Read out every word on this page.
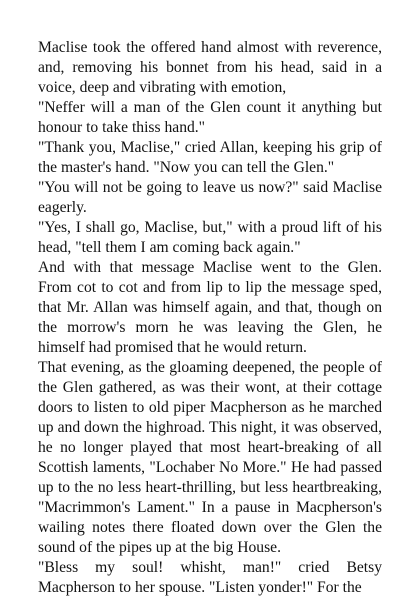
Maclise took the offered hand almost with reverence, and, removing his bonnet from his head, said in a voice, deep and vibrating with emotion,

"Neffer will a man of the Glen count it anything but honour to take thiss hand."

"Thank you, Maclise," cried Allan, keeping his grip of the master's hand. "Now you can tell the Glen."

"You will not be going to leave us now?" said Maclise eagerly.

"Yes, I shall go, Maclise, but," with a proud lift of his head, "tell them I am coming back again."

And with that message Maclise went to the Glen. From cot to cot and from lip to lip the message sped, that Mr. Allan was himself again, and that, though on the morrow's morn he was leaving the Glen, he himself had promised that he would return.

That evening, as the gloaming deepened, the people of the Glen gathered, as was their wont, at their cottage doors to listen to old piper Macpherson as he marched up and down the highroad. This night, it was observed, he no longer played that most heart-breaking of all Scottish laments, "Lochaber No More." He had passed up to the no less heart-thrilling, but less heartbreaking, "Macrimmon's Lament." In a pause in Macpherson's wailing notes there floated down over the Glen the sound of the pipes up at the big House.

"Bless my soul! whisht, man!" cried Betsy Macpherson to her spouse. "Listen yonder!" For the
